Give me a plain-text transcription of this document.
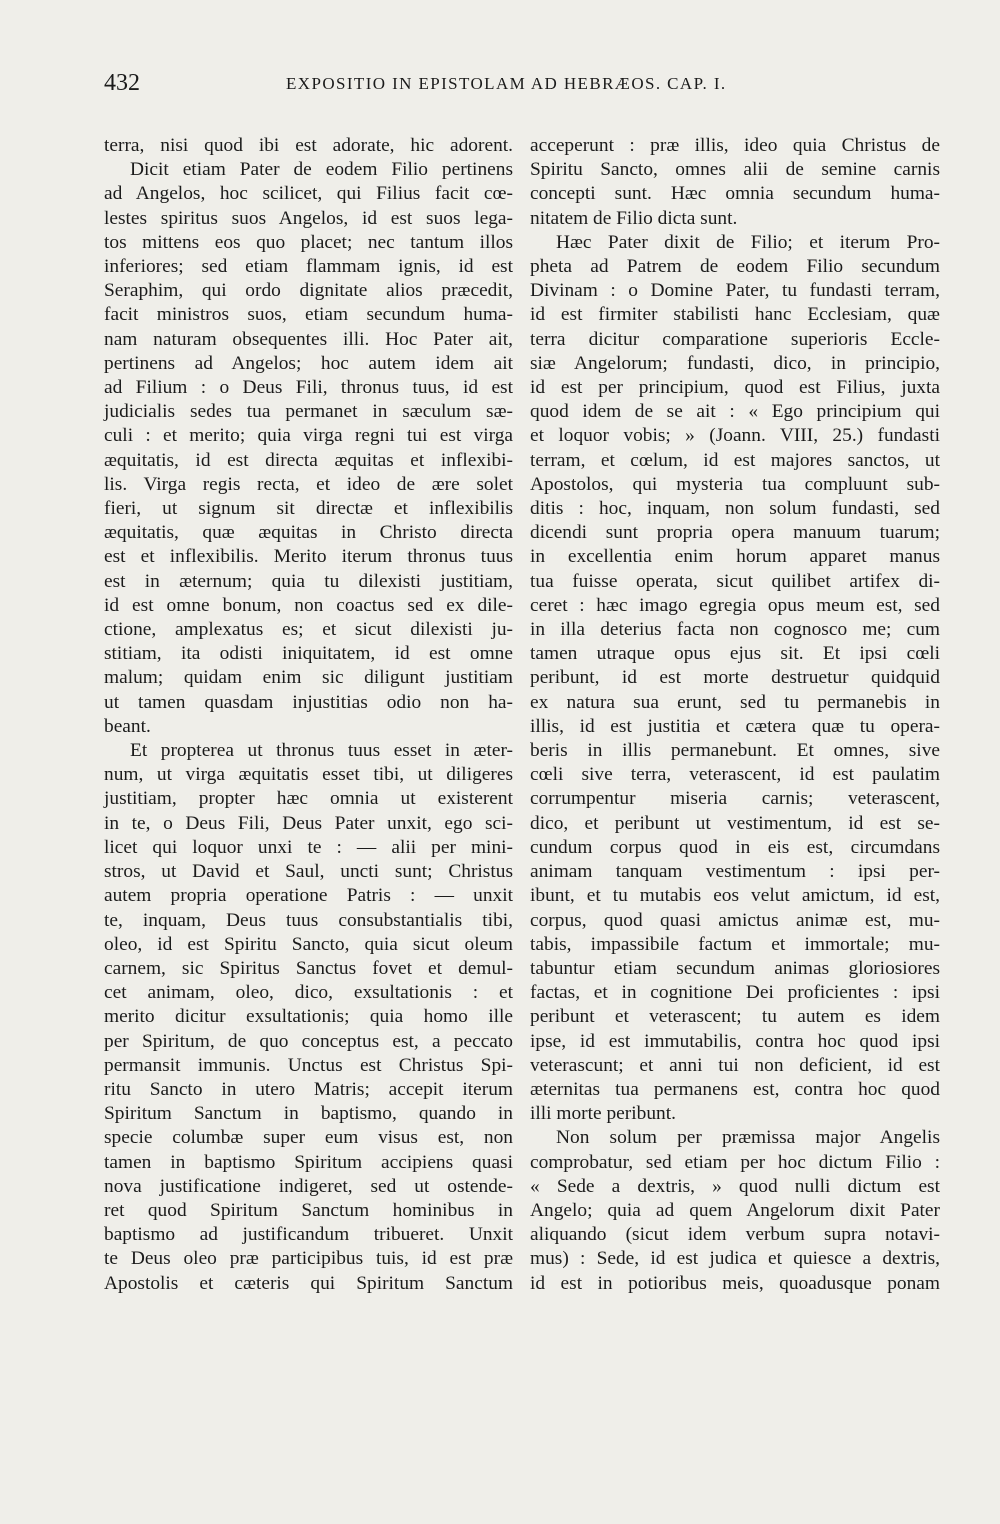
432	EXPOSITIO IN EPISTOLAM AD HEBRÆOS. CAP. I.
terra, nisi quod ibi est adorate, hic adorent.
Dicit etiam Pater de eodem Filio pertinens
ad Angelos, hoc scilicet, qui Filius facit cœ-
lestes spiritus suos Angelos, id est suos lega-
tos mittens eos quo placet; nec tantum illos
inferiores; sed etiam flammam ignis, id est
Seraphim, qui ordo dignitate alios præcedit,
facit ministros suos, etiam secundum huma-
nam naturam obsequentes illi. Hoc Pater ait,
pertinens ad Angelos; hoc autem idem ait
ad Filium : o Deus Fili, thronus tuus, id est
judicialis sedes tua permanet in sæculum sæ-
culi : et merito; quia virga regni tui est virga
æquitatis, id est directa æquitas et inflexibi-
lis. Virga regis recta, et ideo de ære solet
fieri, ut signum sit directæ et inflexibilis
æquitatis, quæ æquitas in Christo directa
est et inflexibilis. Merito iterum thronus tuus
est in æternum; quia tu dilexisti justitiam,
id est omne bonum, non coactus sed ex dile-
ctione, amplexatus es; et sicut dilexisti ju-
stitiam, ita odisti iniquitatem, id est omne
malum; quidam enim sic diligunt justitiam
ut tamen quasdam injustitias odio non ha-
beant.
Et propterea ut thronus tuus esset in æter-
num, ut virga æquitatis esset tibi, ut diligeres
justitiam, propter hæc omnia ut existerent
in te, o Deus Fili, Deus Pater unxit, ego sci-
licet qui loquor unxi te : — alii per mini-
stros, ut David et Saul, uncti sunt; Christus
autem propria operatione Patris : — unxit
te, inquam, Deus tuus consubstantialis tibi,
oleo, id est Spiritu Sancto, quia sicut oleum
carnem, sic Spiritus Sanctus fovet et demul-
cet animam, oleo, dico, exsultationis : et
merito dicitur exsultationis; quia homo ille
per Spiritum, de quo conceptus est, a peccato
permansit immunis. Unctus est Christus Spi-
ritu Sancto in utero Matris; accepit iterum
Spiritum Sanctum in baptismo, quando in
specie columbæ super eum visus est, non
tamen in baptismo Spiritum accipiens quasi
nova justificatione indigeret, sed ut ostende-
ret quod Spiritum Sanctum hominibus in
baptismo ad justificandum tribueret. Unxit
te Deus oleo præ participibus tuis, id est præ
Apostolis et cæteris qui Spiritum Sanctum
acceperunt : præ illis, ideo quia Christus de
Spiritu Sancto, omnes alii de semine carnis
concepti sunt. Hæc omnia secundum huma-
nitatem de Filio dicta sunt.
Hæc Pater dixit de Filio; et iterum Pro-
pheta ad Patrem de eodem Filio secundum
Divinam : o Domine Pater, tu fundasti terram,
id est firmiter stabilisti hanc Ecclesiam, quæ
terra dicitur comparatione superioris Eccle-
siæ Angelorum; fundasti, dico, in principio,
id est per principium, quod est Filius, juxta
quod idem de se ait : « Ego principium qui
et loquor vobis; » (Joann. VIII, 25.) fundasti
terram, et cœlum, id est majores sanctos, ut
Apostolos, qui mysteria tua compluunt sub-
ditis : hoc, inquam, non solum fundasti, sed
dicendi sunt propria opera manuum tuarum;
in excellentia enim horum apparet manus
tua fuisse operata, sicut quilibet artifex di-
ceret : hæc imago egregia opus meum est, sed
in illa deterius facta non cognosco me; cum
tamen utraque opus ejus sit. Et ipsi cœli
peribunt, id est morte destruetur quidquid
ex natura sua erunt, sed tu permanebis in
illis, id est justitia et cætera quæ tu opera-
beris in illis permanebunt. Et omnes, sive
cœli sive terra, veterascent, id est paulatim
corrumpentur miseria carnis; veterascent,
dico, et peribunt ut vestimentum, id est se-
cundum corpus quod in eis est, circumdans
animam tanquam vestimentum : ipsi per-
ibunt, et tu mutabis eos velut amictum, id est,
corpus, quod quasi amictus animæ est, mu-
tabis, impassibile factum et immortale; mu-
tabuntur etiam secundum animas gloriosiores
factas, et in cognitione Dei proficientes : ipsi
peribunt et veterascent; tu autem es idem
ipse, id est immutabilis, contra hoc quod ipsi
veterascunt; et anni tui non deficient, id est
æternitas tua permanens est, contra hoc quod
illi morte peribunt.
Non solum per præmissa major Angelis
comprobatur, sed etiam per hoc dictum Filio :
« Sede a dextris, » quod nulli dictum est
Angelo; quia ad quem Angelorum dixit Pater
aliquando (sicut idem verbum supra notavi-
mus) : Sede, id est judica et quiesce a dextris,
id est in potioribus meis, quoadusque ponam
